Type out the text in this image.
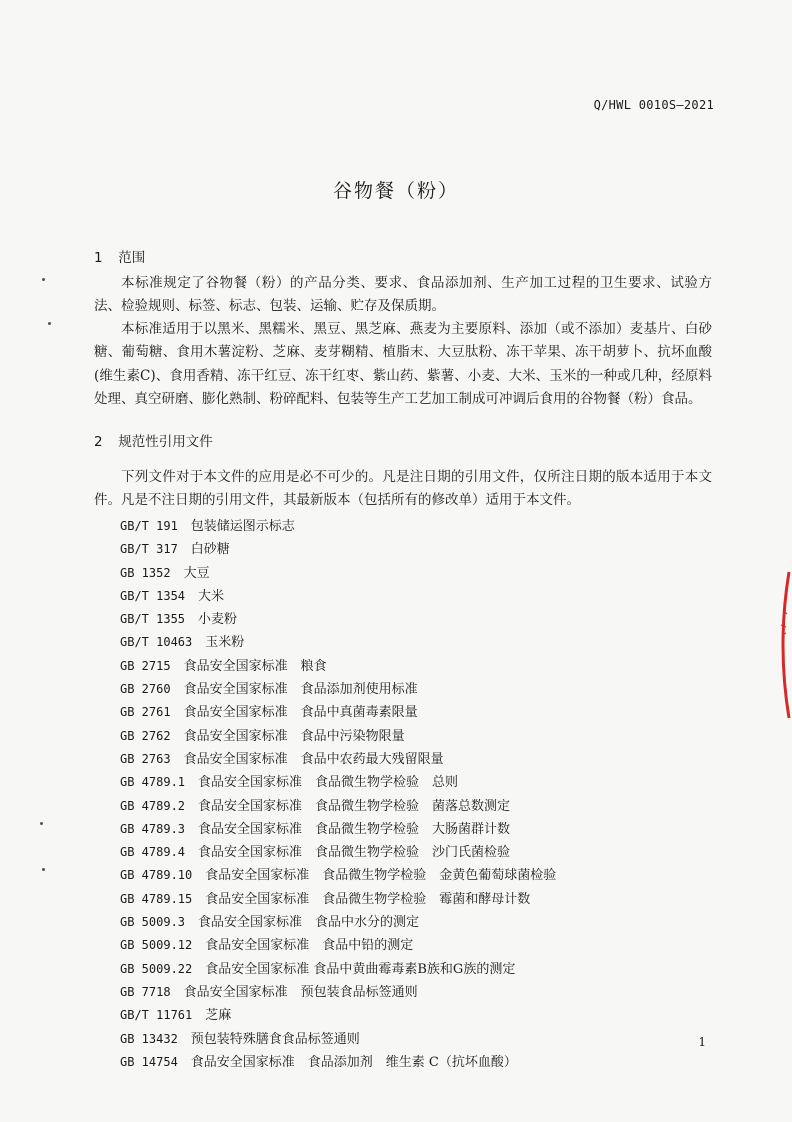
Q/HWL 0010S—2021
谷物餐（粉）
1 范围

本标准规定了谷物餐（粉）的产品分类、要求、食品添加剂、生产加工过程的卫生要求、试验方法、检验规则、标签、标志、包装、运输、贮存及保质期。

本标准适用于以黑米、黑糯米、黑豆、黑芝麻、燕麦为主要原料、添加（或不添加）麦基片、白砂糖、葡萄糖、食用木薯淀粉、芝麻、麦芽糊精、植脂末、大豆肽粉、冻干苹果、冻干胡萝卜、抗坏血酸(维生素C)、食用香精、冻干红豆、冻干红枣、紫山药、紫薯、小麦、大米、玉米的一种或几种，经原料处理、真空研磨、膨化熟制、粉碎配料、包装等生产工艺加工制成可冲调后食用的谷物餐（粉）食品。

2 规范性引用文件

下列文件对于本文件的应用是必不可少的。凡是注日期的引用文件，仅所注日期的版本适用于本文件。凡是不注日期的引用文件，其最新版本（包括所有的修改单）适用于本文件。

GB/T 191  包装储运图示标志
GB/T 317  白砂糖
GB 1352  大豆
GB/T 1354  大米
GB/T 1355  小麦粉
GB/T 10463  玉米粉
GB 2715  食品安全国家标准　粮食
GB 2760  食品安全国家标准　食品添加剂使用标准
GB 2761  食品安全国家标准　食品中真菌毒素限量
GB 2762  食品安全国家标准　食品中污染物限量
GB 2763  食品安全国家标准　食品中农药最大残留限量
GB 4789.1  食品安全国家标准　食品微生物学检验　总则
GB 4789.2  食品安全国家标准　食品微生物学检验　菌落总数测定
GB 4789.3  食品安全国家标准　食品微生物学检验　大肠菌群计数
GB 4789.4  食品安全国家标准　食品微生物学检验　沙门氏菌检验
GB 4789.10  食品安全国家标准　食品微生物学检验　金黄色葡萄球菌检验
GB 4789.15  食品安全国家标准　食品微生物学检验　霉菌和酵母计数
GB 5009.3  食品安全国家标准　食品中水分的测定
GB 5009.12  食品安全国家标准　食品中铅的测定
GB 5009.22  食品安全国家标准 食品中黄曲霉毒素B族和G族的测定
GB 7718  食品安全国家标准　预包装食品标签通则
GB/T 11761  芝麻
GB 13432  预包装特殊膳食食品标签通则
GB 14754  食品安全国家标准　食品添加剂　维生素 C（抗坏血酸）
1
